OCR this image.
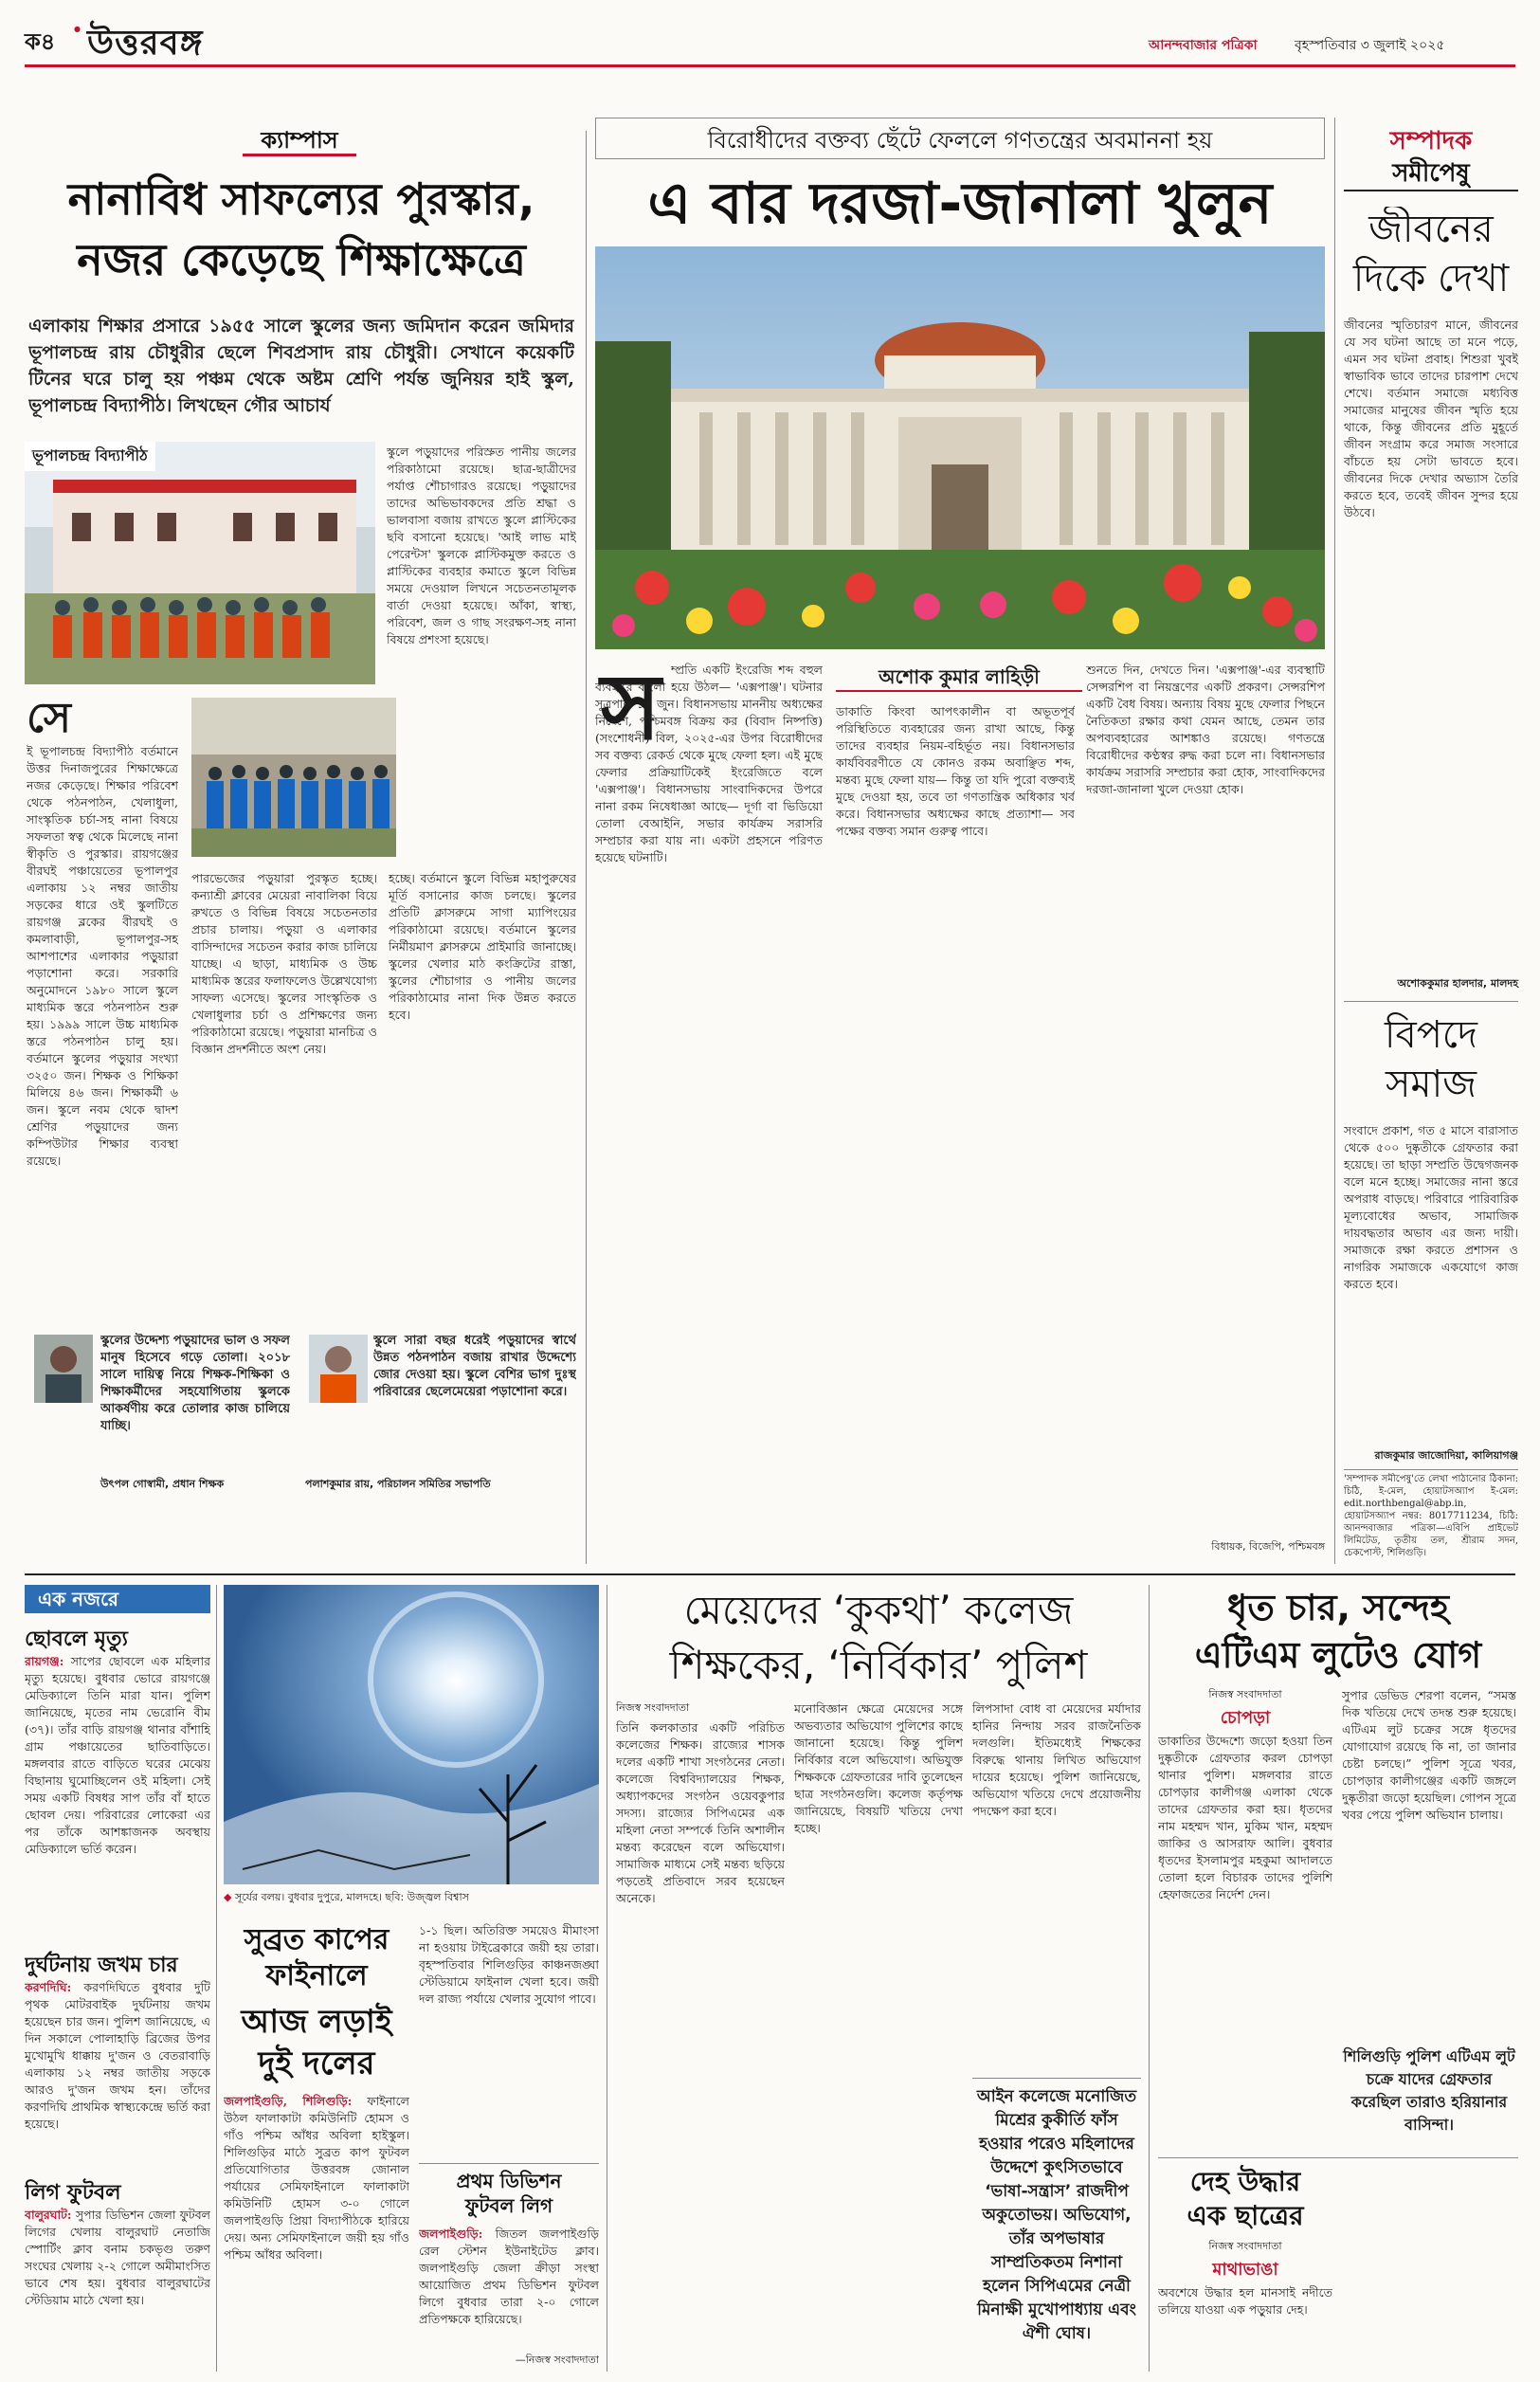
ক৪ ● উত্তরবঙ্গ	আনন্দবাজার পত্রিকা	বৃহস্পতিবার ৩ জুলাই ২০২৫
ক্যাম্পাস
নানাবিধ সাফল্যের পুরস্কার,
নজর কেড়েছে শিক্ষাক্ষেত্রে
এলাকায় শিক্ষার প্রসারে ১৯৫৫ সালে স্কুলের জন্য জমিদান করেন জমিদার ভূপালচন্দ্র রায় চৌধুরীর ছেলে শিবপ্রসাদ রায় চৌধুরী। সেখানে কয়েকটি টিনের ঘরে চালু হয় পঞ্চম থেকে অষ্টম শ্রেণি পর্যন্ত জুনিয়র হাই স্কুল, ভূপালচন্দ্র বিদ্যাপীঠ। লিখছেন গৌর আচার্য
ভূপালচন্দ্র বিদ্যাপীঠ	স্কুলে পড়ুয়াদের পরিস্রুত পানীয় জলের পরিকাঠামো রয়েছে। ছাত্র-ছাত্রীদের পর্যাপ্ত শৌচাগারও রয়েছে। পড়ুয়াদের তাদের অভিভাবকদের প্রতি শ্রদ্ধা ও ভালবাসা বজায় রাখতে স্কুলে প্লাস্টিকের ছবি বসানো হয়েছে। 'আই লাভ মাই পেরেন্টস' স্কুলকে প্লাস্টিকমুক্ত করতে ও প্লাস্টিকের ব্যবহার কমাতে স্কুলে বিভিন্ন সময়ে দেওয়াল লিখনে সচেতনতামূলক বার্তা দেওয়া হয়েছে। আঁকা, স্বাস্থ্য, পরিবেশ, জল ও গাছ সংরক্ষণ-সহ নানা বিষয়ে প্রশংসা হয়েছে।
সে
ই ভূপালচন্দ্র বিদ্যাপীঠ বর্তমানে উত্তর দিনাজপুরের শিক্ষাক্ষেত্রে নজর কেড়েছে। শিক্ষার পরিবেশ থেকে পঠনপাঠন, খেলাধুলা, সাংস্কৃতিক চর্চা-সহ নানা বিষয়ে সফলতা স্বত্ব থেকে মিলেছে নানা স্বীকৃতি ও পুরস্কার। রায়গঞ্জের বীরঘই পঞ্চায়েতের ভূপালপুর এলাকায় ১২ নম্বর জাতীয় সড়কের ধারে ওই স্কুলটিতে রায়গঞ্জ ব্লকের বীরঘই ও কমলাবাড়ী, ভূপালপুর-সহ আশপাশের এলাকার পড়ুয়ারা পড়াশোনা করে। সরকারি অনুমোদনে ১৯৮০ সালে স্কুলে মাধ্যমিক স্তরে পঠনপাঠন শুরু হয়। ১৯৯৯ সালে উচ্চ মাধ্যমিক স্তরে পঠনপাঠন চালু হয়। বর্তমানে স্কুলের পড়ুয়ার সংখ্যা ৩২৫০ জন। শিক্ষক ও শিক্ষিকা মিলিয়ে ৪৬ জন। শিক্ষাকর্মী ৬ জন। স্কুলে নবম থেকে দ্বাদশ শ্রেণির পড়ুয়াদের জন্য কম্পিউটার শিক্ষার ব্যবস্থা রয়েছে।
পারভেজের পড়ুয়ারা পুরস্কৃত হচ্ছে। কন্যাশ্রী ক্লাবের মেয়েরা নাবালিকা বিয়ে রুখতে ও বিভিন্ন বিষয়ে সচেতনতার প্রচার চালায়। পড়ুয়া ও এলাকার বাসিন্দাদের সচেতন করার কাজ চালিয়ে যাচ্ছে। এ ছাড়া, মাধ্যমিক ও উচ্চ মাধ্যমিক স্তরের ফলাফলেও উল্লেখযোগ্য সাফল্য এসেছে। স্কুলের সাংস্কৃতিক ও খেলাধুলার চর্চা ও প্রশিক্ষণের জন্য পরিকাঠামো রয়েছে। পড়ুয়ারা মানচিত্র ও বিজ্ঞান প্রদর্শনীতে অংশ নেয়।
হচ্ছে। বর্তমানে স্কুলে বিভিন্ন মহাপুরুষের মূর্তি বসানোর কাজ চলছে। স্কুলের প্রতিটি ক্লাসরুমে সাগা ম্যাপিংয়ের পরিকাঠামো রয়েছে। বর্তমানে স্কুলের নির্মীয়মাণ ক্লাসরুমে প্রাইমারি জানাচ্ছে। স্কুলের খেলার মাঠ কংক্রিটের রাস্তা, স্কুলের শৌচাগার ও পানীয় জলের পরিকাঠামোর নানা দিক উন্নত করতে হবে।
স্কুলের উদ্দেশ্য পড়ুয়াদের ভাল ও সফল মানুষ হিসেবে গড়ে তোলা। ২০১৮ সালে দায়িত্ব নিয়ে শিক্ষক-শিক্ষিকা ও শিক্ষাকর্মীদের সহযোগিতায় স্কুলকে আকর্ষণীয় করে তোলার কাজ চালিয়ে যাচ্ছি।
উৎপল গোস্বামী, প্রধান শিক্ষক
স্কুলে সারা বছর ধরেই পড়ুয়াদের স্বার্থে উন্নত পঠনপাঠন বজায় রাখার উদ্দেশ্যে জোর দেওয়া হয়। স্কুলে বেশির ভাগ দুঃস্থ পরিবারের ছেলেমেয়েরা পড়াশোনা করে।
পলাশকুমার রায়, পরিচালন সমিতির সভাপতি
বিরোধীদের বক্তব্য ছেঁটে ফেললে গণতন্ত্রের অবমাননা হয়
এ বার দরজা-জানালা খুলুন
স ম্প্রতি একটি ইংরেজি শব্দ বহুল ব্যবহারে বাংলা হয়ে উঠল— 'এক্সপাঞ্জ'। ঘটনার সূত্রপাত ১৯ জুন। বিধানসভায় মাননীয় অধ্যক্ষের নির্দেশে, পশ্চিমবঙ্গ বিক্রয় কর (বিবাদ নিষ্পত্তি) (সংশোধনী) বিল, ২০২৫-এর উপর বিরোধীদের সব বক্তব্য রেকর্ড থেকে মুছে ফেলা হল। এই মুছে ফেলার প্রক্রিয়াটিকেই ইংরেজিতে বলে 'এক্সপাঞ্জ'। বিধানসভায় সাংবাদিকদের উপরে নানা রকম নিষেধাজ্ঞা আছে— দূর্গা বা ভিডিয়ো তোলা বেআইনি, সভার কার্যক্রম সরাসরি সম্প্রচার করা যায় না। একটা প্রহসনে পরিণত হয়েছে ঘটনাটি।
অশোক কুমার লাহিড়ী
ডাকাতি কিংবা আপৎকালীন বা অভূতপূর্ব পরিস্থিতিতে ব্যবহারের জন্য রাখা আছে, কিন্তু তাদের ব্যবহার নিয়ম-বহির্ভূত নয়। বিধানসভার কার্যবিবরণীতে যে কোনও রকম অবাঞ্ছিত শব্দ, মন্তব্য মুছে ফেলা যায়— কিন্তু তা যদি পুরো বক্তব্যই মুছে দেওয়া হয়, তবে তা গণতান্ত্রিক অধিকার খর্ব করে। বিধানসভার অধ্যক্ষের কাছে প্রত্যাশা— সব পক্ষের বক্তব্য সমান গুরুত্ব পাবে।
শুনতে দিন, দেখতে দিন। 'এক্সপাঞ্জ'-এর ব্যবস্থাটি সেন্সরশিপ বা নিয়ন্ত্রণের একটি প্রকরণ। সেন্সরশিপ একটি বৈধ বিষয়। অন্যায় বিষয় মুছে ফেলার পিছনে নৈতিকতা রক্ষার কথা যেমন আছে, তেমন তার অপব্যবহারের আশঙ্কাও রয়েছে। গণতন্ত্রে বিরোধীদের কণ্ঠস্বর রুদ্ধ করা চলে না। বিধানসভার কার্যক্রম সরাসরি সম্প্রচার করা হোক, সাংবাদিকদের দরজা-জানালা খুলে দেওয়া হোক।
বিধায়ক, বিজেপি, পশ্চিমবঙ্গ
সম্পাদক
সমীপেষু
জীবনের
দিকে দেখা
জীবনের স্মৃতিচারণ মানে, জীবনের যে সব ঘটনা আছে তা মনে পড়ে, এমন সব ঘটনা প্রবাহ। শিশুরা খুবই স্বাভাবিক ভাবে তাদের চারপাশ দেখে শেখে। বর্তমান সমাজে মধ্যবিত্ত সমাজের মানুষের জীবন স্মৃতি হয়ে থাকে, কিন্তু জীবনের প্রতি মুহূর্তে জীবন সংগ্রাম করে সমাজ সংসারে বাঁচতে হয় সেটা ভাবতে হবে। জীবনের দিকে দেখার অভ্যাস তৈরি করতে হবে, তবেই জীবন সুন্দর হয়ে উঠবে।
অশোককুমার হালদার, মালদহ
বিপদে
সমাজ
সংবাদে প্রকাশ, গত ৫ মাসে বারাসাত থেকে ৫০০ দুষ্কৃতীকে গ্রেফতার করা হয়েছে। তা ছাড়া সম্প্রতি উদ্বেগজনক বলে মনে হচ্ছে। সমাজের নানা স্তরে অপরাধ বাড়ছে। পরিবারে পারিবারিক মূল্যবোধের অভাব, সামাজিক দায়বদ্ধতার অভাব এর জন্য দায়ী। সমাজকে রক্ষা করতে প্রশাসন ও নাগরিক সমাজকে একযোগে কাজ করতে হবে।
রাজকুমার জাজোদিয়া, কালিয়াগঞ্জ
'সম্পাদক সমীপেষু'তে লেখা পাঠানোর ঠিকানা: চিঠি, ই-মেল, হোয়াটসঅ্যাপ ই-মেল: edit.northbengal@abp.in, হোয়াটসঅ্যাপ নম্বর: 8017711234, চিঠি: আনন্দবাজার পত্রিকা—এবিপি প্রাইভেট লিমিটেড, তৃতীয় তল, শ্রীরাম সদন, চেকপোস্ট, শিলিগুড়ি।
এক নজরে
ছোবলে মৃত্যু
রায়গঞ্জ: সাপের ছোবলে এক মহিলার মৃত্যু হয়েছে। বুধবার ভোরে রায়গঞ্জে মেডিক্যালে তিনি মারা যান। পুলিশ জানিয়েছে, মৃতের নাম ভেরোনি বীম (৩৭)। তাঁর বাড়ি রায়গঞ্জ থানার বাঁশাহি গ্রাম পঞ্চায়েতের ছাতিবাড়িতে। মঙ্গলবার রাতে বাড়িতে ঘরের মেঝেয় বিছানায় ঘুমোচ্ছিলেন ওই মহিলা। সেই সময় একটি বিষধর সাপ তাঁর বাঁ হাতে ছোবল দেয়। পরিবারের লোকেরা এর পর তাঁকে আশঙ্কাজনক অবস্থায় মেডিক্যালে ভর্তি করেন।
দুর্ঘটনায় জখম চার
করণদিঘি: করণদিঘিতে বুধবার দুটি পৃথক মোটরবাইক দুর্ঘটনায় জখম হয়েছেন চার জন। পুলিশ জানিয়েছে, এ দিন সকালে পোলাহাড়ি ব্রিজের উপর মুখোমুখি ধাক্কায় দু'জন ও বেতরাবাড়ি এলাকায় ১২ নম্বর জাতীয় সড়কে আরও দু'জন জখম হন। তাঁদের করণদিঘি প্রাথমিক স্বাস্থ্যকেন্দ্রে ভর্তি করা হয়েছে।
লিগ ফুটবল
বালুরঘাট: সুপার ডিভিশন জেলা ফুটবল লিগের খেলায় বালুরঘাট নেতাজি স্পোর্টিং ক্লাব বনাম চকভৃগু তরুণ সংঘের খেলায় ২-২ গোলে অমীমাংসিত ভাবে শেষ হয়। বুধবার বালুরঘাটের স্টেডিয়াম মাঠে খেলা হয়।
◆ সূর্যের বলয়। বুধবার দুপুরে, মালদহে। ছবি: উজ্জ্বল বিশ্বাস
সুব্রত কাপের
ফাইনালে
আজ লড়াই
দুই দলের
জলপাইগুড়ি, শিলিগুড়ি: ফাইনালে উঠল ফালাকাটা কমিউনিটি হোমস ও গাঁও পশ্চিম আঁধর অবিলা হাইস্কুল। শিলিগুড়ির মাঠে সুব্রত কাপ ফুটবল প্রতিযোগিতার উত্তরবঙ্গ জোনাল পর্যায়ের সেমিফাইনালে ফালাকাটা কমিউনিটি হোমস ৩-০ গোলে জলপাইগুড়ি প্রিয়া বিদ্যাপীঠকে হারিয়ে দেয়। অন্য সেমিফাইনালে জয়ী হয় গাঁও পশ্চিম আঁধর অবিলা।
১-১ ছিল। অতিরিক্ত সময়েও মীমাংসা না হওয়ায় টাইব্রেকারে জয়ী হয় তারা। বৃহস্পতিবার শিলিগুড়ির কাঞ্চনজঙ্ঘা স্টেডিয়ামে ফাইনাল খেলা হবে। জয়ী দল রাজ্য পর্যায়ে খেলার সুযোগ পাবে।
প্রথম ডিভিশন
ফুটবল লিগ
জলপাইগুড়ি: জিতল জলপাইগুড়ি রেল স্টেশন ইউনাইটেড ক্লাব। জলপাইগুড়ি জেলা ক্রীড়া সংস্থা আয়োজিত প্রথম ডিভিশন ফুটবল লিগে বুধবার তারা ২-০ গোলে প্রতিপক্ষকে হারিয়েছে।
—নিজস্ব সংবাদদাতা
মেয়েদের ‘কুকথা’ কলেজ
শিক্ষকের, ‘নির্বিকার’ পুলিশ
নিজস্ব সংবাদদাতা
তিনি কলকাতার একটি পরিচিত কলেজের শিক্ষক। রাজ্যের শাসক দলের একটি শাখা সংগঠনের নেতা। কলেজে বিশ্ববিদ্যালয়ের শিক্ষক, অধ্যাপকদের সংগঠন ওয়েবকুপার সদস্য। রাজ্যের সিপিএমের এক মহিলা নেতা সম্পর্কে তিনি অশালীন মন্তব্য করেছেন বলে অভিযোগ। সামাজিক মাধ্যমে সেই মন্তব্য ছড়িয়ে পড়তেই প্রতিবাদে সরব হয়েছেন অনেকে।
মনোবিজ্ঞান ক্ষেত্রে মেয়েদের সঙ্গে অভব্যতার অভিযোগ পুলিশের কাছে জানানো হয়েছে। কিন্তু পুলিশ নির্বিকার বলে অভিযোগ। অভিযুক্ত শিক্ষককে গ্রেফতারের দাবি তুলেছেন ছাত্র সংগঠনগুলি। কলেজ কর্তৃপক্ষ জানিয়েছে, বিষয়টি খতিয়ে দেখা হচ্ছে।
লিপসাদা বোধ বা মেয়েদের মর্যাদার হানির নিন্দায় সরব রাজনৈতিক দলগুলি। ইতিমধ্যেই শিক্ষকের বিরুদ্ধে থানায় লিখিত অভিযোগ দায়ের হয়েছে। পুলিশ জানিয়েছে, অভিযোগ খতিয়ে দেখে প্রয়োজনীয় পদক্ষেপ করা হবে।
আইন কলেজে মনোজিত মিশ্রের কুকীর্তি ফাঁস হওয়ার পরেও মহিলাদের উদ্দেশে কুৎসিতভাবে ‘ভাষা-সন্ত্রাস’ রাজদীপ অকুতোভয়। অভিযোগ, তাঁর অপভাষার সাম্প্রতিকতম নিশানা হলেন সিপিএমের নেত্রী মিনাক্ষী মুখোপাধ্যায় এবং ঐশী ঘোষ।
ধৃত চার, সন্দেহ
এটিএম লুটেও যোগ
নিজস্ব সংবাদদাতা
চোপড়া
ডাকাতির উদ্দেশ্যে জড়ো হওয়া তিন দুষ্কৃতীকে গ্রেফতার করল চোপড়া থানার পুলিশ। মঙ্গলবার রাতে চোপড়ার কালীগঞ্জ এলাকা থেকে তাদের গ্রেফতার করা হয়। ধৃতদের নাম মহম্মদ খান, মুকিম খান, মহম্মদ জাকির ও আসরাফ আলি। বুধবার ধৃতদের ইসলামপুর মহকুমা আদালতে তোলা হলে বিচারক তাদের পুলিশি হেফাজতের নির্দেশ দেন।
সুপার ডেভিড শেরপা বলেন, “সমস্ত দিক খতিয়ে দেখে তদন্ত শুরু হয়েছে। এটিএম লুট চক্রের সঙ্গে ধৃতদের যোগাযোগ রয়েছে কি না, তা জানার চেষ্টা চলছে।” পুলিশ সূত্রে খবর, চোপড়ার কালীগঞ্জের একটি জঙ্গলে দুষ্কৃতীরা জড়ো হয়েছিল। গোপন সূত্রে খবর পেয়ে পুলিশ অভিযান চালায়।
শিলিগুড়ি পুলিশ এটিএম লুট চক্রে যাদের গ্রেফতার করেছিল তারাও হরিয়ানার বাসিন্দা।
দেহ উদ্ধার
এক ছাত্রের
নিজস্ব সংবাদদাতা
মাথাভাঙা
অবশেষে উদ্ধার হল মানসাই নদীতে তলিয়ে যাওয়া এক পড়ুয়ার দেহ।
